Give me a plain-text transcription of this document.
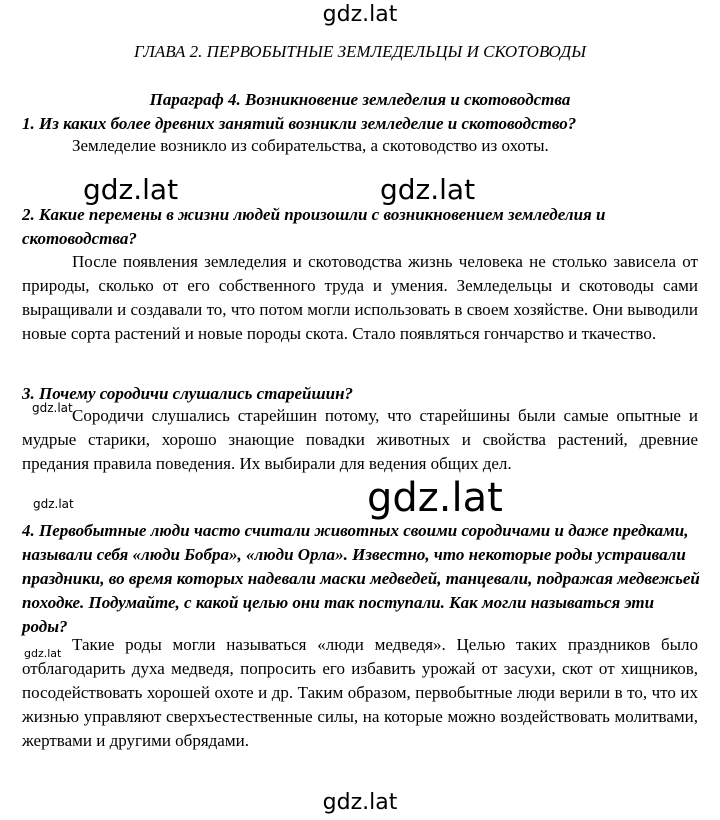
gdz.lat
ГЛАВА 2. ПЕРВОБЫТНЫЕ ЗЕМЛЕДЕЛЬЦЫ И СКОТОВОДЫ
Параграф 4. Возникновение земледелия и скотоводства
1. Из каких более древних занятий возникли земледелие и скотоводство?
Земледелие возникло из собирательства, а скотоводство из охоты.
2. Какие перемены в жизни людей произошли с возникновением земледелия и скотоводства?
После появления земледелия и скотоводства жизнь человека не столько зависела от природы, сколько от его собственного труда и умения. Земледельцы и скотоводы сами выращивали и создавали то, что потом могли использовать в своем хозяйстве. Они выводили новые сорта растений и новые породы скота. Стало появляться гончарство и ткачество.
3. Почему сородичи слушались старейшин?
Сородичи слушались старейшин потому, что старейшины были самые опытные и мудрые старики, хорошо знающие повадки животных и свойства растений, древние предания правила поведения. Их выбирали для ведения общих дел.
4. Первобытные люди часто считали животных своими сородичами и даже предками, называли себя «люди Бобра», «люди Орла». Известно, что некоторые роды устраивали праздники, во время которых надевали маски медведей, танцевали, подражая медвежьей походке. Подумайте, с какой целью они так поступали. Как могли называться эти роды?
Такие роды могли называться «люди медведя». Целью таких праздников было отблагодарить духа медведя, попросить его избавить урожай от засухи, скот от хищников, посодействовать хорошей охоте и др. Таким образом, первобытные люди верили в то, что их жизнью управляют сверхъестественные силы, на которые можно воздействовать молитвами, жертвами и другими обрядами.
gdz.lat	gdz.lat
gdz.lat
gdz.lat
gdz.lat
gdz.lat
gdz.lat
